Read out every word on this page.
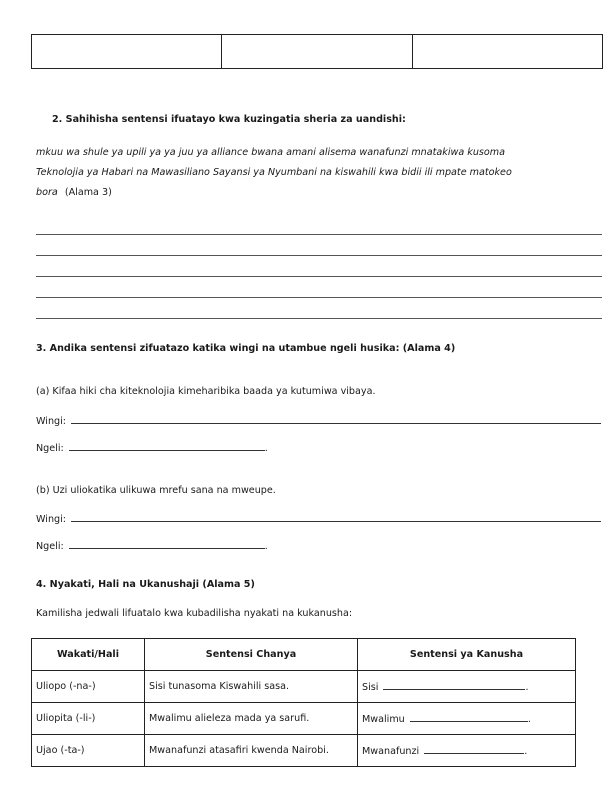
2. Sahihisha sentensi ifuatayo kwa kuzingatia sheria za uandishi:
mkuu wa shule ya upili ya ya juu ya alliance bwana amani alisema wanafunzi mnatakiwa kusoma
Teknolojia ya Habari na Mawasiliano Sayansi ya Nyumbani na kiswahili kwa bidii ili mpate matokeo
bora (Alama 3)
3. Andika sentensi zifuatazo katika wingi na utambue ngeli husika: (Alama 4)
(a) Kifaa hiki cha kiteknolojia kimeharibika baada ya kutumiwa vibaya.
Wingi:
Ngeli:	.
(b) Uzi uliokatika ulikuwa mrefu sana na mweupe.
Wingi:
Ngeli:	.
4. Nyakati, Hali na Ukanushaji (Alama 5)
Kamilisha jedwali lifuatalo kwa kubadilisha nyakati na kukanusha:
Wakati/Hali	Sentensi Chanya	Sentensi ya Kanusha
Uliopo (-na-)	Sisi tunasoma Kiswahili sasa.	Sisi .
Uliopita (-li-)	Mwalimu alieleza mada ya sarufi.	Mwalimu .
Ujao (-ta-)	Mwanafunzi atasafiri kwenda Nairobi.	Mwanafunzi .
